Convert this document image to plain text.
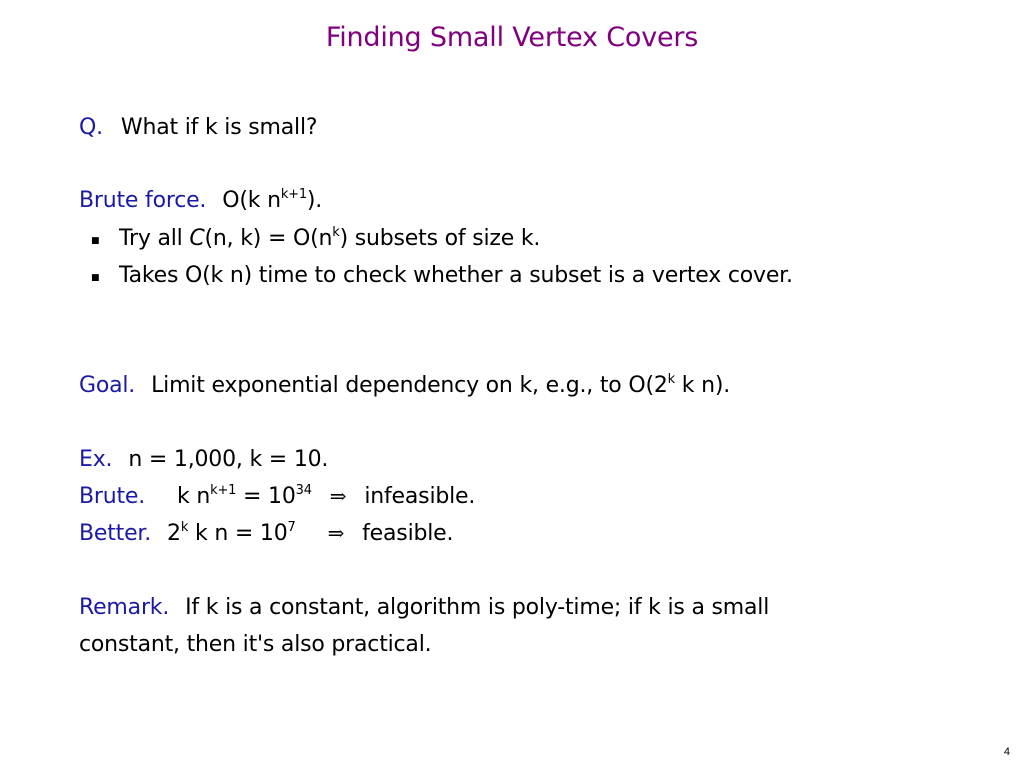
Finding Small Vertex Covers
Q. What if k is small?
Brute force. O(k $n^{k+1}$).
■ Try all C(n, $k) = O(n^k)$ subsets of size k.
■ Takes O(k n) time to check whether a subset is a vertex cover.
Goal. Limit exponential dependency on k, e.g., to O(2$^k$ k n).
Ex. n = 1,000, k = 10.
Brute. k $n^{k+1} = 10^{34}$ ⇒ infeasible.
Better. 2$^k$ k $n = 10^7$ ⇒ feasible.
Remark. If k is a constant, algorithm is poly-time; if k is a small
constant, then it's also practical.
4
